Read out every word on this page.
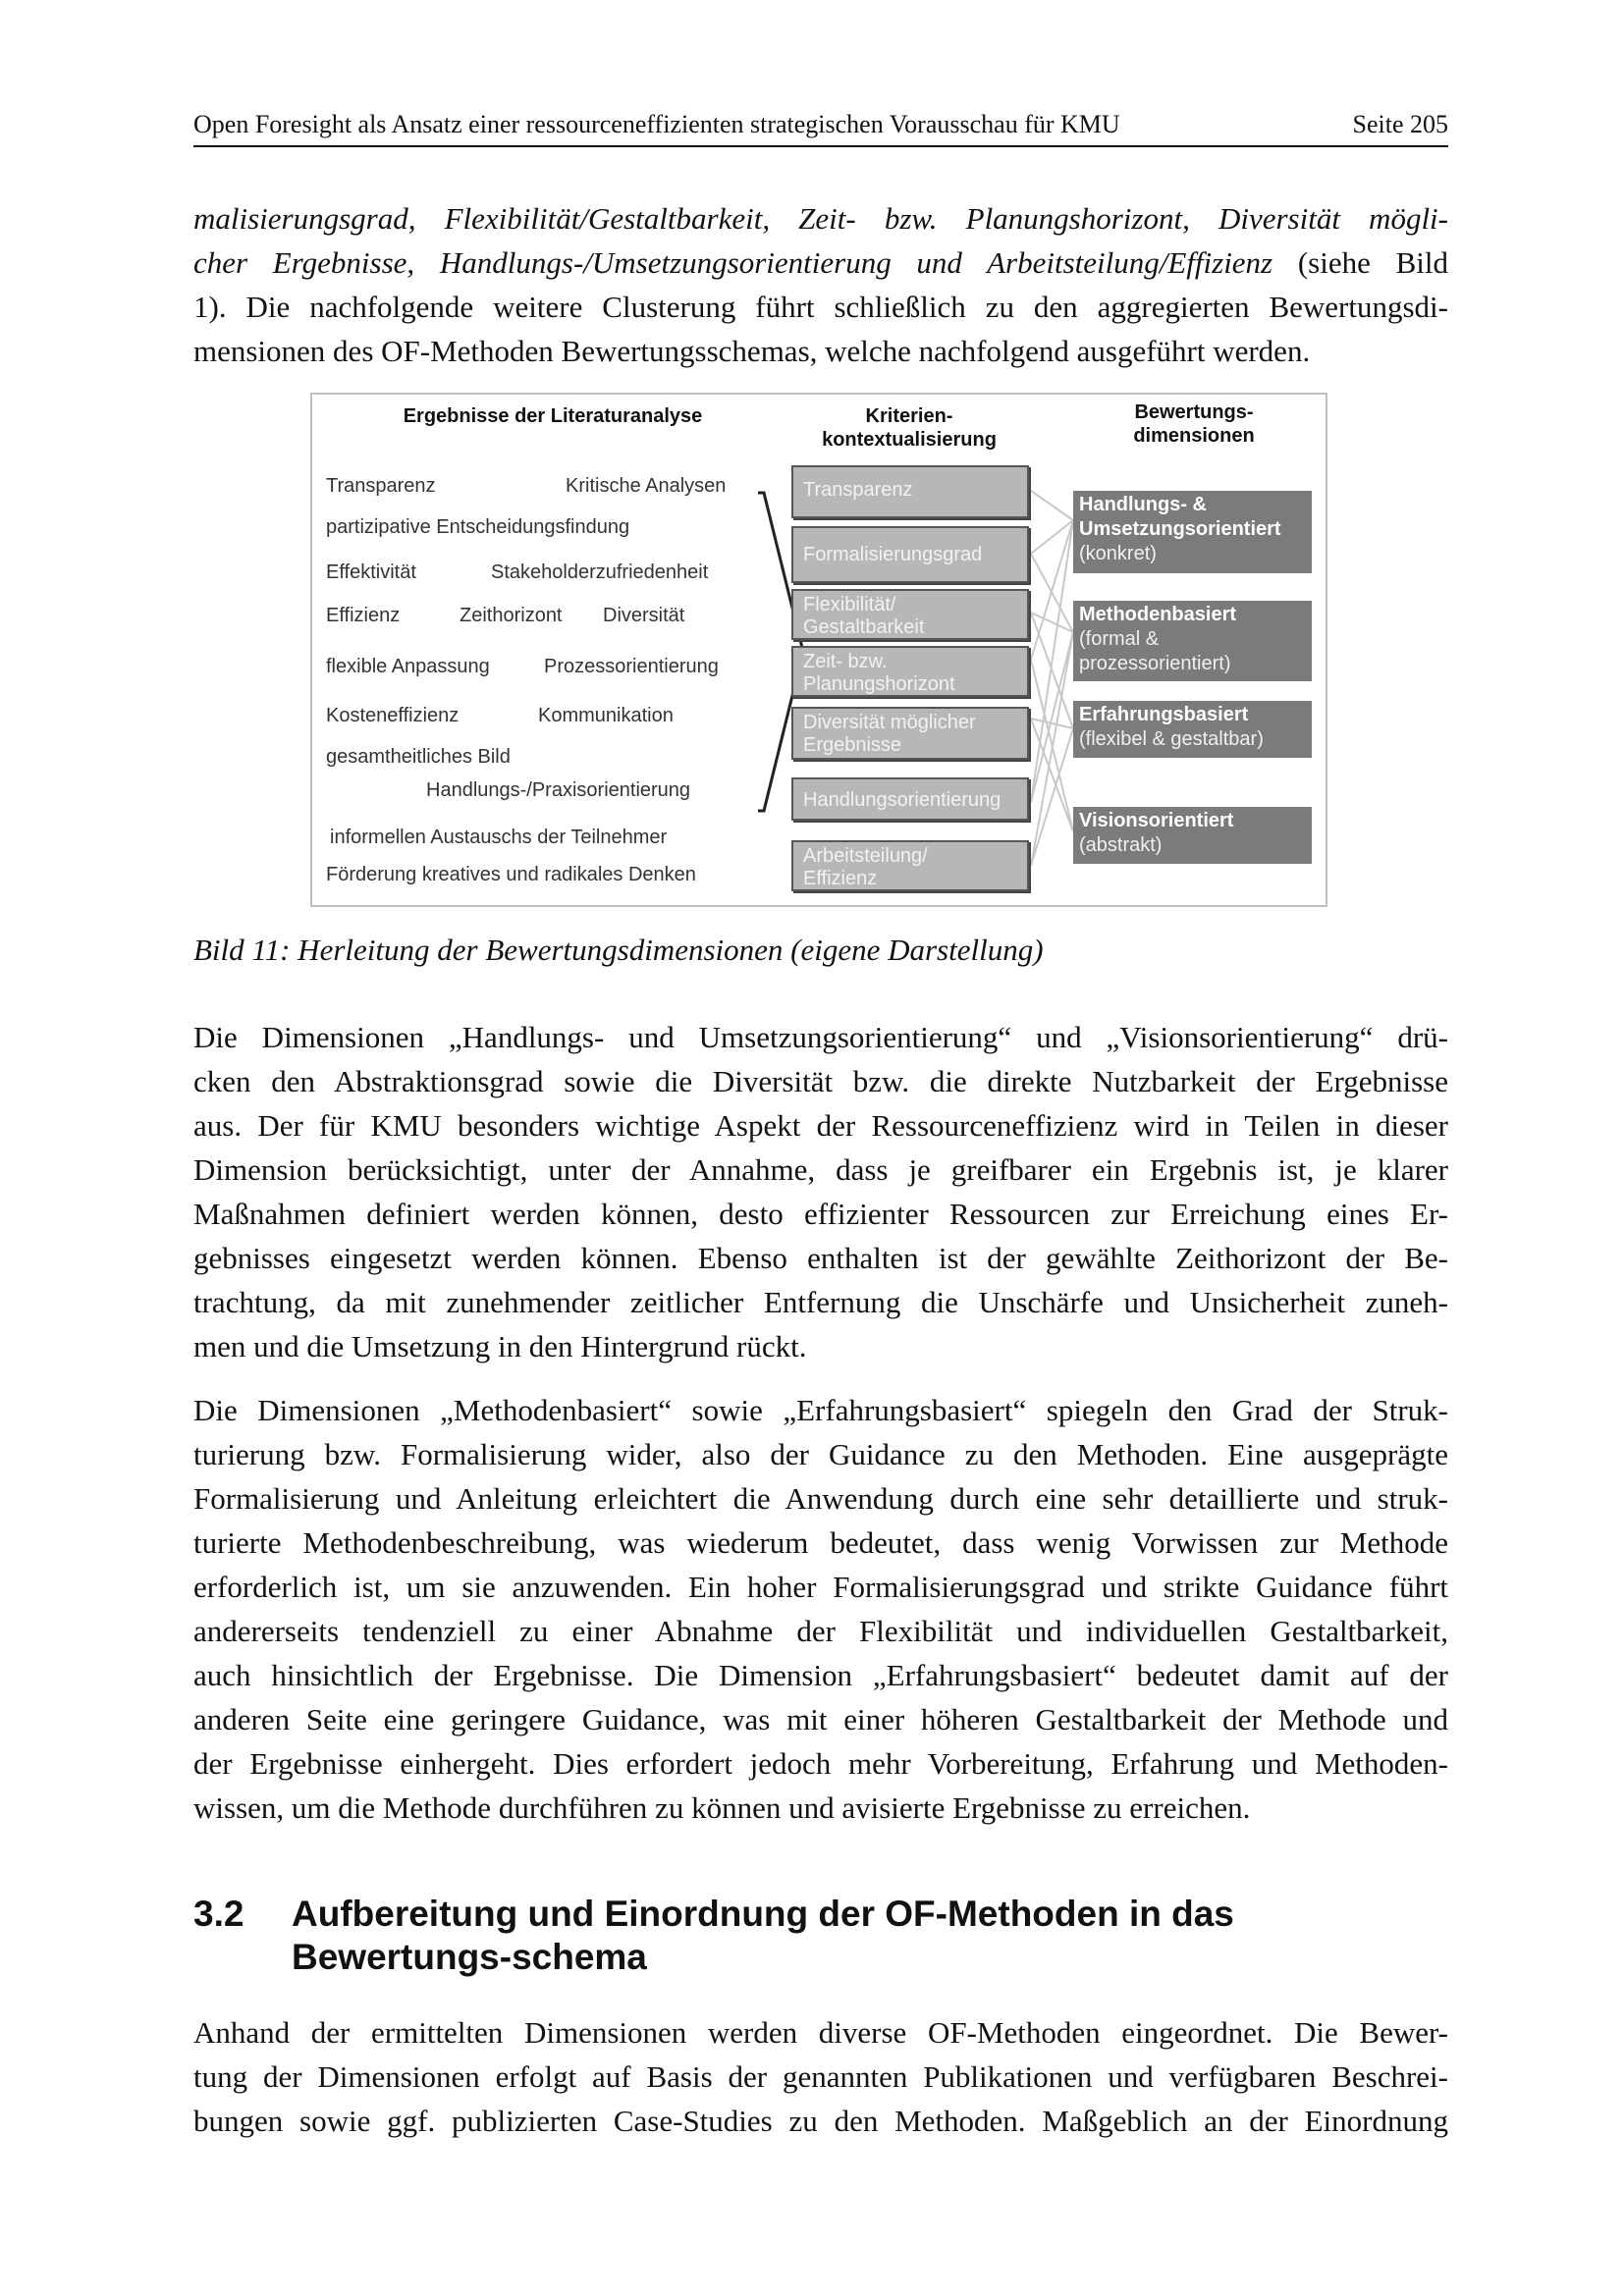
Open Foresight als Ansatz einer ressourceneffizienten strategischen Vorausschau für KMU	Seite 205
malisierungsgrad, Flexibilität/Gestaltbarkeit, Zeit- bzw. Planungshorizont, Diversität mögli-
cher Ergebnisse, Handlungs-/Umsetzungsorientierung und Arbeitsteilung/Effizienz (siehe Bild
1). Die nachfolgende weitere Clusterung führt schließlich zu den aggregierten Bewertungsdi-
mensionen des OF-Methoden Bewertungsschemas, welche nachfolgend ausgeführt werden.
Ergebnisse der Literaturanalyse	Kriterien-
kontextualisierung
Bewertungs-
dimensionen
Transparenz	Kritische Analysen
partizipative Entscheidungsfindung
Effektivität	Stakeholderzufriedenheit
Effizienz	Zeithorizont Diversität
flexible Anpassung	Prozessorientierung
Kosteneffizienz	Kommunikation
gesamtheitliches Bild
Handlungs-/Praxisorientierung
informellen Austauschs der Teilnehmer
Förderung kreatives und radikales Denken
Transparenz
Formalisierungsgrad
Flexibilität/
Gestaltbarkeit
Zeit- bzw.
Planungshorizont
Diversität möglicher
Ergebnisse
Handlungsorientierung
Arbeitsteilung/
Effizienz
Handlungs- &
Umsetzungsorientiert
(konkret)
Methodenbasiert
(formal &
prozessorientiert)
Erfahrungsbasiert
(flexibel & gestaltbar)
Visionsorientiert
(abstrakt)
Bild 11: Herleitung der Bewertungsdimensionen (eigene Darstellung)
Die Dimensionen „Handlungs- und Umsetzungsorientierung“ und „Visionsorientierung“ drü-
cken den Abstraktionsgrad sowie die Diversität bzw. die direkte Nutzbarkeit der Ergebnisse
aus. Der für KMU besonders wichtige Aspekt der Ressourceneffizienz wird in Teilen in dieser
Dimension berücksichtigt, unter der Annahme, dass je greifbarer ein Ergebnis ist, je klarer
Maßnahmen definiert werden können, desto effizienter Ressourcen zur Erreichung eines Er-
gebnisses eingesetzt werden können. Ebenso enthalten ist der gewählte Zeithorizont der Be-
trachtung, da mit zunehmender zeitlicher Entfernung die Unschärfe und Unsicherheit zuneh-
men und die Umsetzung in den Hintergrund rückt.
Die Dimensionen „Methodenbasiert“ sowie „Erfahrungsbasiert“ spiegeln den Grad der Struk-
turierung bzw. Formalisierung wider, also der Guidance zu den Methoden. Eine ausgeprägte
Formalisierung und Anleitung erleichtert die Anwendung durch eine sehr detaillierte und struk-
turierte Methodenbeschreibung, was wiederum bedeutet, dass wenig Vorwissen zur Methode
erforderlich ist, um sie anzuwenden. Ein hoher Formalisierungsgrad und strikte Guidance führt
andererseits tendenziell zu einer Abnahme der Flexibilität und individuellen Gestaltbarkeit,
auch hinsichtlich der Ergebnisse. Die Dimension „Erfahrungsbasiert“ bedeutet damit auf der
anderen Seite eine geringere Guidance, was mit einer höheren Gestaltbarkeit der Methode und
der Ergebnisse einhergeht. Dies erfordert jedoch mehr Vorbereitung, Erfahrung und Methoden-
wissen, um die Methode durchführen zu können und avisierte Ergebnisse zu erreichen.
3.2 Aufbereitung und Einordnung der OF-Methoden in das Bewertungs-schema
Anhand der ermittelten Dimensionen werden diverse OF-Methoden eingeordnet. Die Bewer-
tung der Dimensionen erfolgt auf Basis der genannten Publikationen und verfügbaren Beschrei-
bungen sowie ggf. publizierten Case-Studies zu den Methoden. Maßgeblich an der Einordnung
